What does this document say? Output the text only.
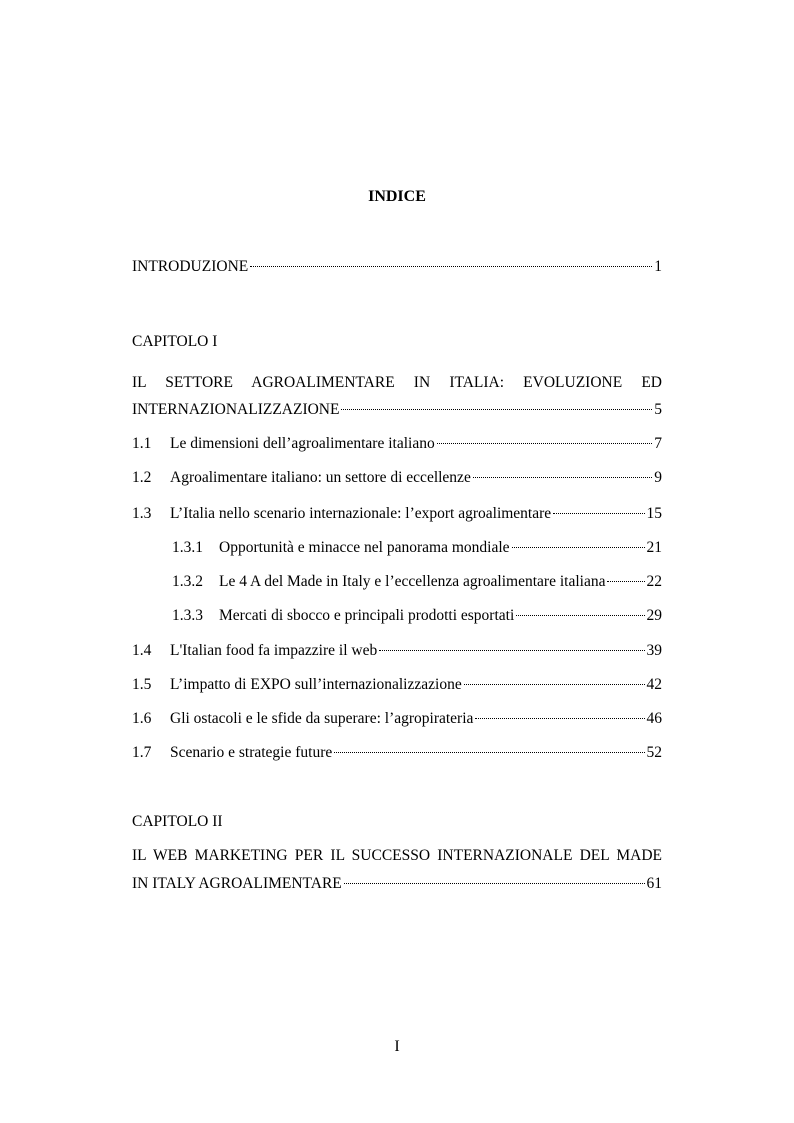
INDICE
INTRODUZIONE	1
CAPITOLO I
IL SETTORE AGROALIMENTARE IN ITALIA: EVOLUZIONE ED
INTERNAZIONALIZZAZIONE	5
1.1	Le dimensioni dell’agroalimentare italiano	7
1.2	Agroalimentare italiano: un settore di eccellenze	9
1.3	L’Italia nello scenario internazionale: l’export agroalimentare	15
1.3.1	Opportunità e minacce nel panorama mondiale	21
1.3.2	Le 4 A del Made in Italy e l’eccellenza agroalimentare italiana	22
1.3.3	Mercati di sbocco e principali prodotti esportati	29
1.4	L'Italian food fa impazzire il web	39
1.5	L’impatto di EXPO sull’internazionalizzazione	42
1.6	Gli ostacoli e le sfide da superare: l’agropirateria	46
1.7	Scenario e strategie future	52
CAPITOLO II
IL WEB MARKETING PER IL SUCCESSO INTERNAZIONALE DEL MADE
IN ITALY AGROALIMENTARE	61
I
